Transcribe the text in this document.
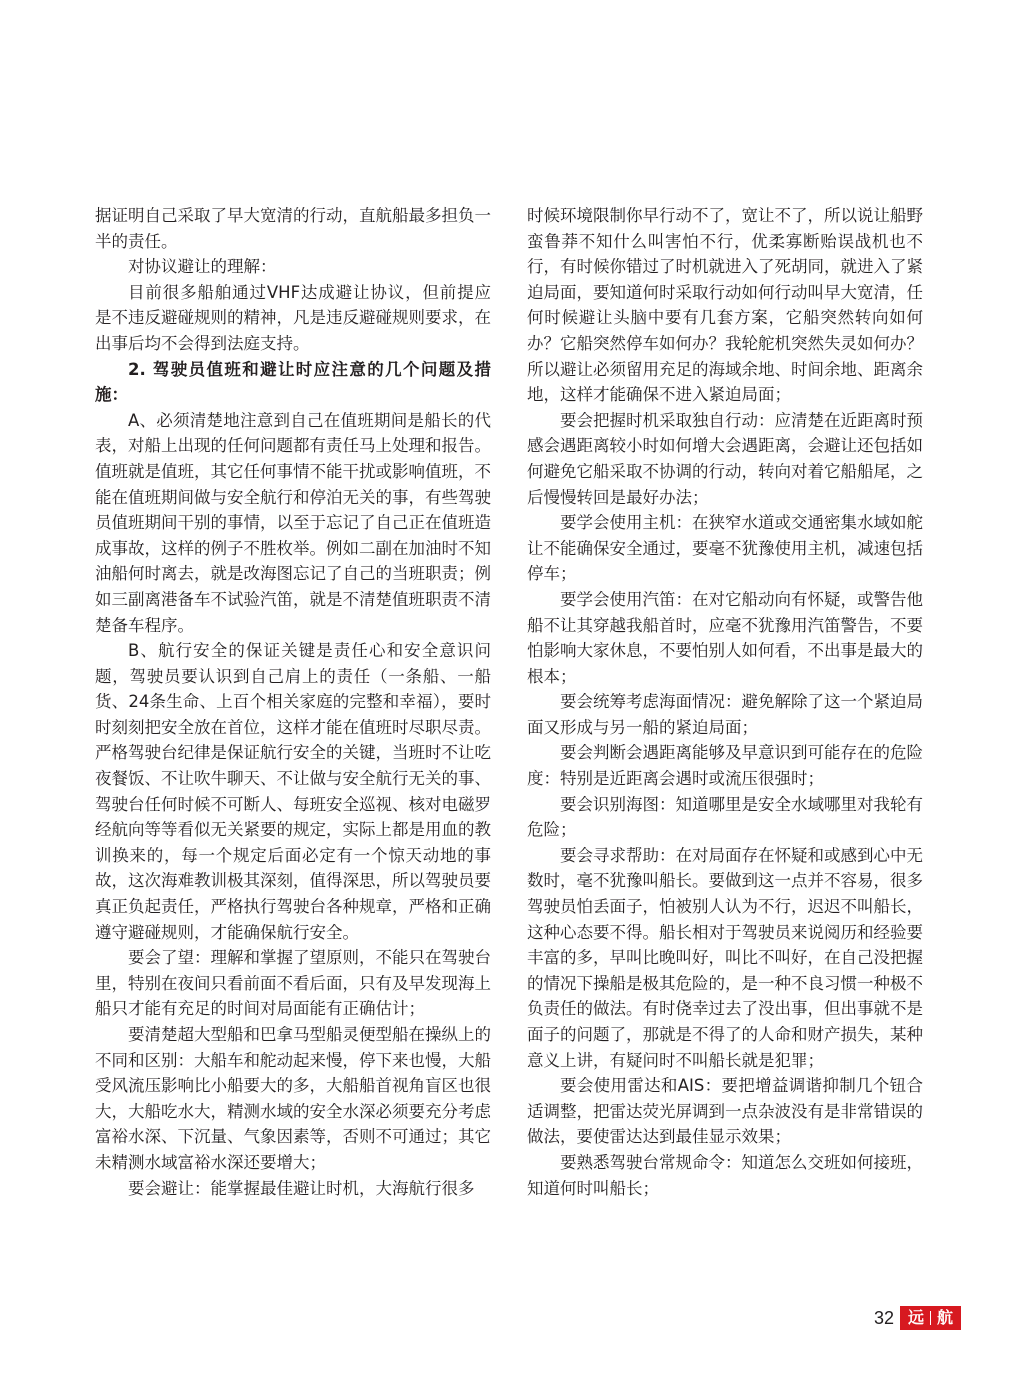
据证明自己采取了早大宽清的行动，直航船最多担负一半的责任。

对协议避让的理解：

目前很多船舶通过VHF达成避让协议，但前提应是不违反避碰规则的精神，凡是违反避碰规则要求，在出事后均不会得到法庭支持。

2. 驾驶员值班和避让时应注意的几个问题及措施：

A、必须清楚地注意到自己在值班期间是船长的代表，对船上出现的任何问题都有责任马上处理和报告。值班就是值班，其它任何事情不能干扰或影响值班，不能在值班期间做与安全航行和停泊无关的事，有些驾驶员值班期间干别的事情，以至于忘记了自己正在值班造成事故，这样的例子不胜枚举。例如二副在加油时不知油船何时离去，就是改海图忘记了自己的当班职责；例如三副离港备车不试验汽笛，就是不清楚值班职责不清楚备车程序。

B、航行安全的保证关键是责任心和安全意识问题，驾驶员要认识到自己肩上的责任（一条船、一船货、24条生命、上百个相关家庭的完整和幸福），要时时刻刻把安全放在首位，这样才能在值班时尽职尽责。严格驾驶台纪律是保证航行安全的关键，当班时不让吃夜餐饭、不让吹牛聊天、不让做与安全航行无关的事、驾驶台任何时候不可断人、每班安全巡视、核对电磁罗经航向等等看似无关紧要的规定，实际上都是用血的教训换来的，每一个规定后面必定有一个惊天动地的事故，这次海难教训极其深刻，值得深思，所以驾驶员要真正负起责任，严格执行驾驶台各种规章，严格和正确遵守避碰规则，才能确保航行安全。

要会了望：理解和掌握了望原则，不能只在驾驶台里，特别在夜间只看前面不看后面，只有及早发现海上船只才能有充足的时间对局面能有正确估计；

要清楚超大型船和巴拿马型船灵便型船在操纵上的不同和区别：大船车和舵动起来慢，停下来也慢，大船受风流压影响比小船要大的多，大船船首视角盲区也很大，大船吃水大，精测水域的安全水深必须要充分考虑富裕水深、下沉量、气象因素等，否则不可通过；其它未精测水域富裕水深还要增大；

要会避让：能掌握最佳避让时机，大海航行很多

时候环境限制你早行动不了，宽让不了，所以说让船野蛮鲁莽不知什么叫害怕不行，优柔寡断贻误战机也不行，有时候你错过了时机就进入了死胡同，就进入了紧迫局面，要知道何时采取行动如何行动叫早大宽清，任何时候避让头脑中要有几套方案，它船突然转向如何办？它船突然停车如何办？我轮舵机突然失灵如何办？所以避让必须留用充足的海域余地、时间余地、距离余地，这样才能确保不进入紧迫局面；

要会把握时机采取独自行动：应清楚在近距离时预感会遇距离较小时如何增大会遇距离，会避让还包括如何避免它船采取不协调的行动，转向对着它船船尾，之后慢慢转回是最好办法；

要学会使用主机：在狭窄水道或交通密集水域如舵让不能确保安全通过，要毫不犹豫使用主机，减速包括停车；

要学会使用汽笛：在对它船动向有怀疑，或警告他船不让其穿越我船首时，应毫不犹豫用汽笛警告，不要怕影响大家休息，不要怕别人如何看，不出事是最大的根本；

要会统筹考虑海面情况：避免解除了这一个紧迫局面又形成与另一船的紧迫局面；

要会判断会遇距离能够及早意识到可能存在的危险度：特别是近距离会遇时或流压很强时；

要会识别海图：知道哪里是安全水域哪里对我轮有危险；

要会寻求帮助：在对局面存在怀疑和或感到心中无数时，毫不犹豫叫船长。要做到这一点并不容易，很多驾驶员怕丢面子，怕被别人认为不行，迟迟不叫船长，这种心态要不得。船长相对于驾驶员来说阅历和经验要丰富的多，早叫比晚叫好，叫比不叫好，在自己没把握的情况下操船是极其危险的，是一种不良习惯一种极不负责任的做法。有时侥幸过去了没出事，但出事就不是面子的问题了，那就是不得了的人命和财产损失，某种意义上讲，有疑问时不叫船长就是犯罪；

要会使用雷达和AIS：要把增益调谐抑制几个钮合适调整，把雷达荧光屏调到一点杂波没有是非常错误的做法，要使雷达达到最佳显示效果；

要熟悉驾驶台常规命令：知道怎么交班如何接班，知道何时叫船长；

32 远 航
